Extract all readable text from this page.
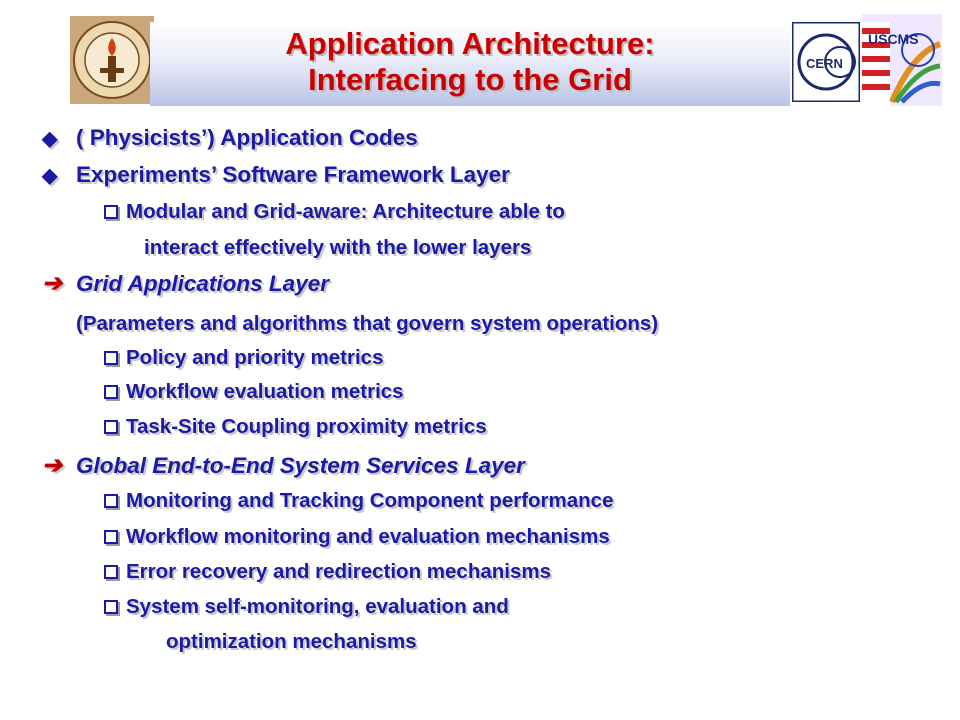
Application Architecture:
Interfacing to the Grid	CERN
USCMS
◆ ( Physicists’) Application Codes
◆ Experiments’ Software Framework Layer
Modular and Grid-aware: Architecture able to
interact effectively with the lower layers
➔ Grid Applications Layer
(Parameters and algorithms that govern system operations)
Policy and priority metrics
Workflow evaluation metrics
Task-Site Coupling proximity metrics
➔ Global End-to-End System Services Layer
Monitoring and Tracking Component performance
Workflow monitoring and evaluation mechanisms
Error recovery and redirection mechanisms
System self-monitoring, evaluation and
optimization mechanisms
